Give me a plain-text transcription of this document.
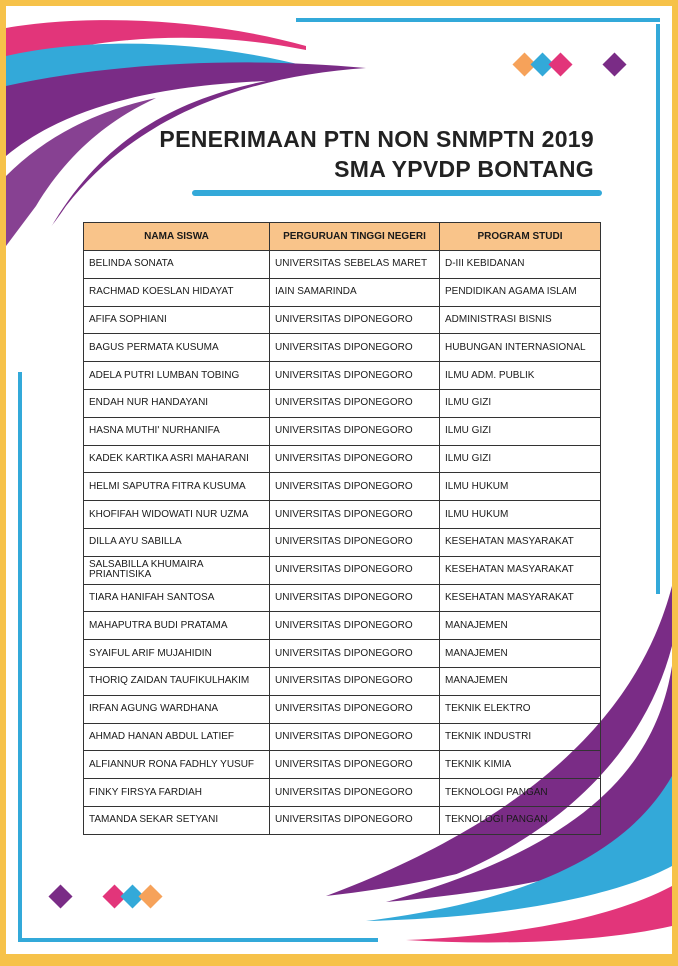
PENERIMAAN PTN NON SNMPTN 2019
SMA YPVDP BONTANG
NAMA SISWA	PERGURUAN TINGGI NEGERI	PROGRAM STUDI
BELINDA SONATA	UNIVERSITAS SEBELAS MARET	D-III KEBIDANAN
RACHMAD KOESLAN HIDAYAT	IAIN SAMARINDA	PENDIDIKAN AGAMA ISLAM
AFIFA SOPHIANI	UNIVERSITAS DIPONEGORO	ADMINISTRASI BISNIS
BAGUS PERMATA KUSUMA	UNIVERSITAS DIPONEGORO	HUBUNGAN INTERNASIONAL
ADELA PUTRI LUMBAN TOBING	UNIVERSITAS DIPONEGORO	ILMU ADM. PUBLIK
ENDAH NUR HANDAYANI	UNIVERSITAS DIPONEGORO	ILMU GIZI
HASNA MUTHI' NURHANIFA	UNIVERSITAS DIPONEGORO	ILMU GIZI
KADEK KARTIKA ASRI MAHARANI	UNIVERSITAS DIPONEGORO	ILMU GIZI
HELMI SAPUTRA FITRA KUSUMA	UNIVERSITAS DIPONEGORO	ILMU HUKUM
KHOFIFAH WIDOWATI NUR UZMA	UNIVERSITAS DIPONEGORO	ILMU HUKUM
DILLA AYU SABILLA	UNIVERSITAS DIPONEGORO	KESEHATAN MASYARAKAT
SALSABILLA KHUMAIRA PRIANTISIKA	UNIVERSITAS DIPONEGORO	KESEHATAN MASYARAKAT
TIARA HANIFAH SANTOSA	UNIVERSITAS DIPONEGORO	KESEHATAN MASYARAKAT
MAHAPUTRA BUDI PRATAMA	UNIVERSITAS DIPONEGORO	MANAJEMEN
SYAIFUL ARIF MUJAHIDIN	UNIVERSITAS DIPONEGORO	MANAJEMEN
THORIQ ZAIDAN TAUFIKULHAKIM	UNIVERSITAS DIPONEGORO	MANAJEMEN
IRFAN AGUNG WARDHANA	UNIVERSITAS DIPONEGORO	TEKNIK ELEKTRO
AHMAD HANAN ABDUL LATIEF	UNIVERSITAS DIPONEGORO	TEKNIK INDUSTRI
ALFIANNUR RONA FADHLY YUSUF	UNIVERSITAS DIPONEGORO	TEKNIK KIMIA
FINKY FIRSYA FARDIAH	UNIVERSITAS DIPONEGORO	TEKNOLOGI PANGAN
TAMANDA SEKAR SETYANI	UNIVERSITAS DIPONEGORO	TEKNOLOGI PANGAN
